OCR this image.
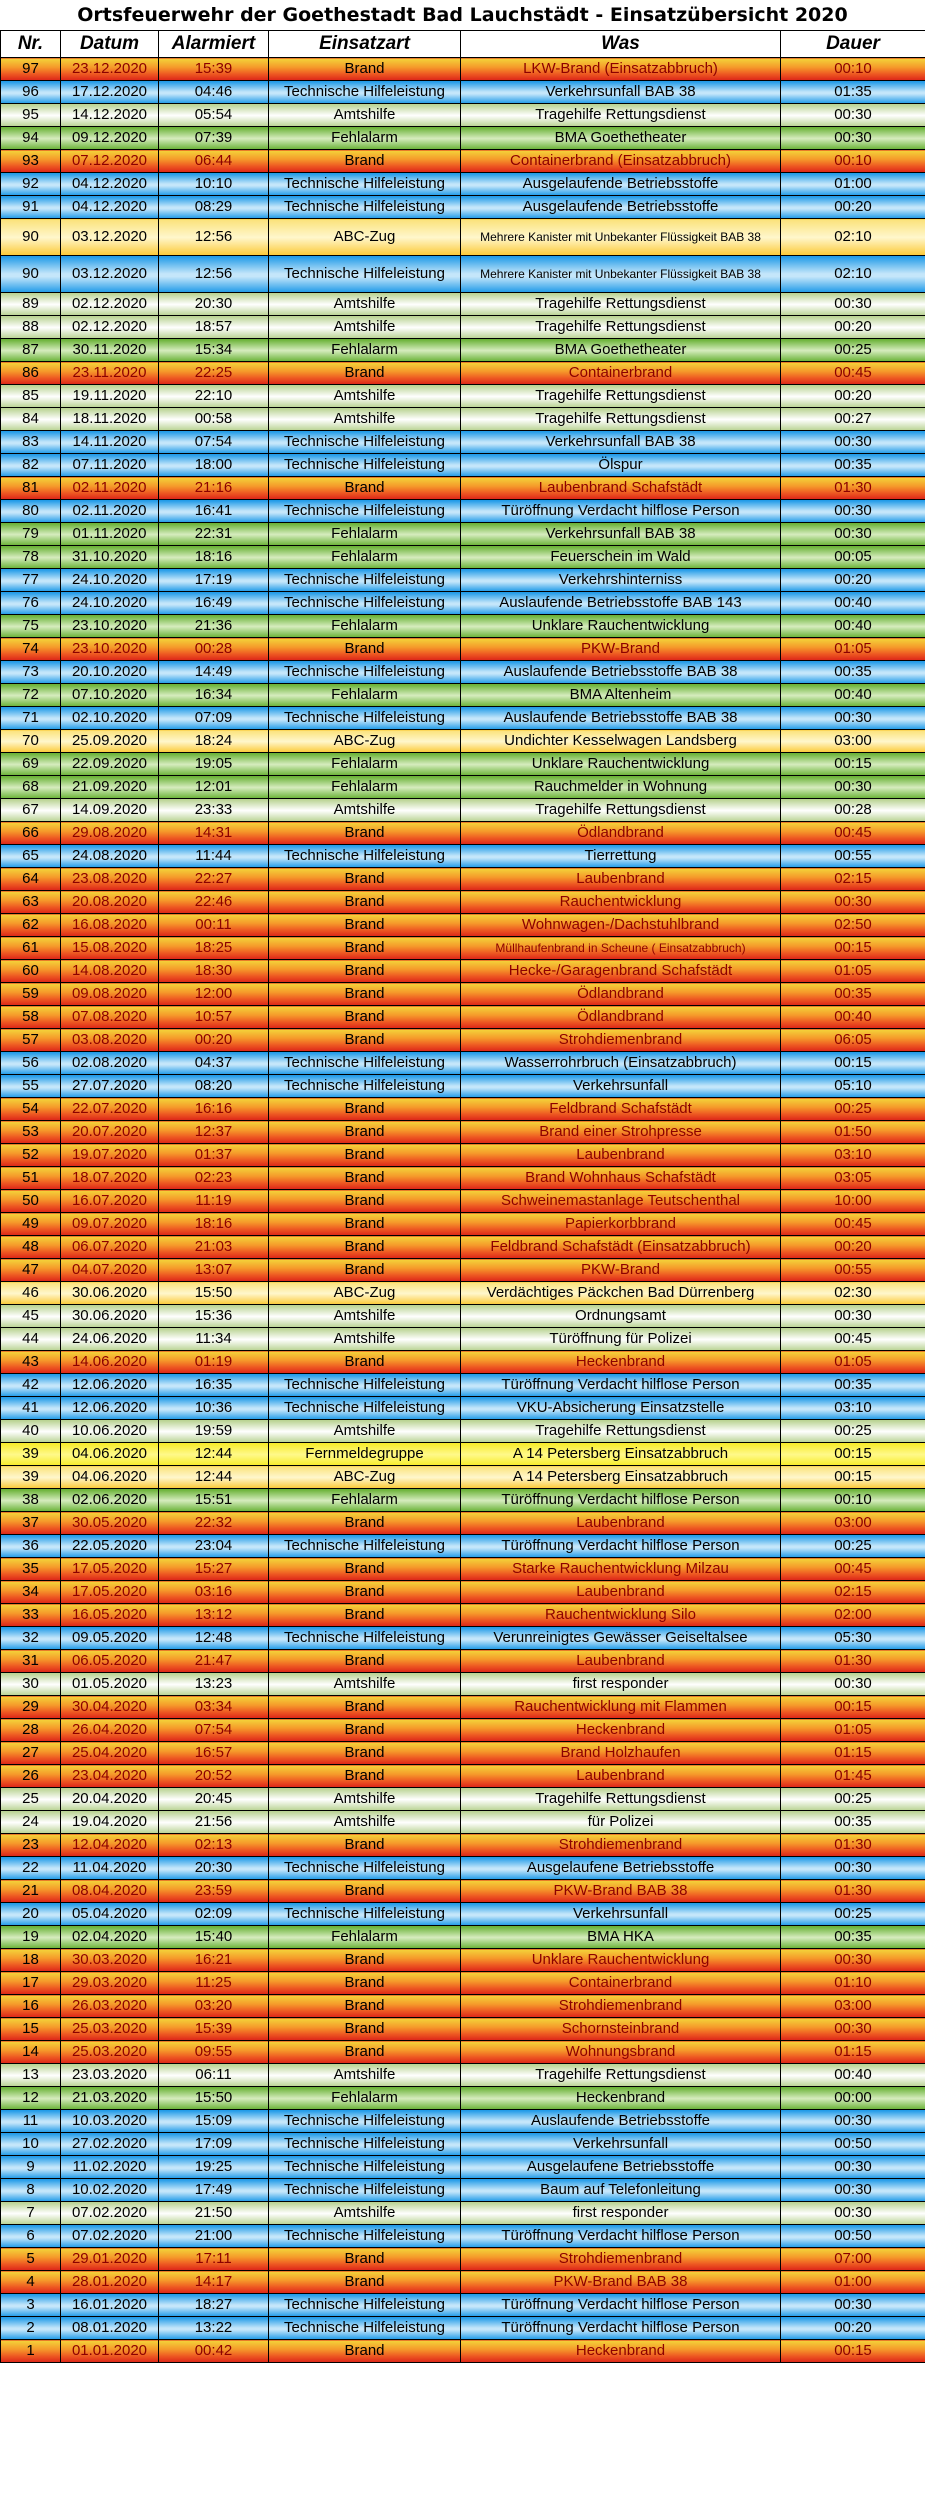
Ortsfeuerwehr der Goethestadt Bad Lauchstädt - Einsatzübersicht 2020
Nr.	Datum	Alarmiert	Einsatzart	Was	Dauer
97	23.12.2020	15:39	Brand	LKW-Brand (Einsatzabbruch)	00:10
96	17.12.2020	04:46	Technische Hilfeleistung	Verkehrsunfall BAB 38	01:35
95	14.12.2020	05:54	Amtshilfe	Tragehilfe Rettungsdienst	00:30
94	09.12.2020	07:39	Fehlalarm	BMA Goethetheater	00:30
93	07.12.2020	06:44	Brand	Containerbrand (Einsatzabbruch)	00:10
92	04.12.2020	10:10	Technische Hilfeleistung	Ausgelaufende Betriebsstoffe	01:00
91	04.12.2020	08:29	Technische Hilfeleistung	Ausgelaufende Betriebsstoffe	00:20
90	03.12.2020	12:56	ABC-Zug	Mehrere Kanister mit Unbekanter Flüssigkeit BAB 38	02:10
90	03.12.2020	12:56	Technische Hilfeleistung	Mehrere Kanister mit Unbekanter Flüssigkeit BAB 38	02:10
89	02.12.2020	20:30	Amtshilfe	Tragehilfe Rettungsdienst	00:30
88	02.12.2020	18:57	Amtshilfe	Tragehilfe Rettungsdienst	00:20
87	30.11.2020	15:34	Fehlalarm	BMA Goethetheater	00:25
86	23.11.2020	22:25	Brand	Containerbrand	00:45
85	19.11.2020	22:10	Amtshilfe	Tragehilfe Rettungsdienst	00:20
84	18.11.2020	00:58	Amtshilfe	Tragehilfe Rettungsdienst	00:27
83	14.11.2020	07:54	Technische Hilfeleistung	Verkehrsunfall BAB 38	00:30
82	07.11.2020	18:00	Technische Hilfeleistung	Ölspur	00:35
81	02.11.2020	21:16	Brand	Laubenbrand Schafstädt	01:30
80	02.11.2020	16:41	Technische Hilfeleistung	Türöffnung Verdacht hilflose Person	00:30
79	01.11.2020	22:31	Fehlalarm	Verkehrsunfall BAB 38	00:30
78	31.10.2020	18:16	Fehlalarm	Feuerschein im Wald	00:05
77	24.10.2020	17:19	Technische Hilfeleistung	Verkehrshinterniss	00:20
76	24.10.2020	16:49	Technische Hilfeleistung	Auslaufende Betriebsstoffe BAB 143	00:40
75	23.10.2020	21:36	Fehlalarm	Unklare Rauchentwicklung	00:40
74	23.10.2020	00:28	Brand	PKW-Brand	01:05
73	20.10.2020	14:49	Technische Hilfeleistung	Auslaufende Betriebsstoffe BAB 38	00:35
72	07.10.2020	16:34	Fehlalarm	BMA Altenheim	00:40
71	02.10.2020	07:09	Technische Hilfeleistung	Auslaufende Betriebsstoffe BAB 38	00:30
70	25.09.2020	18:24	ABC-Zug	Undichter Kesselwagen Landsberg	03:00
69	22.09.2020	19:05	Fehlalarm	Unklare Rauchentwicklung	00:15
68	21.09.2020	12:01	Fehlalarm	Rauchmelder in Wohnung	00:30
67	14.09.2020	23:33	Amtshilfe	Tragehilfe Rettungsdienst	00:28
66	29.08.2020	14:31	Brand	Ödlandbrand	00:45
65	24.08.2020	11:44	Technische Hilfeleistung	Tierrettung	00:55
64	23.08.2020	22:27	Brand	Laubenbrand	02:15
63	20.08.2020	22:46	Brand	Rauchentwicklung	00:30
62	16.08.2020	00:11	Brand	Wohnwagen-/Dachstuhlbrand	02:50
61	15.08.2020	18:25	Brand	Müllhaufenbrand in Scheune ( Einsatzabbruch)	00:15
60	14.08.2020	18:30	Brand	Hecke-/Garagenbrand Schafstädt	01:05
59	09.08.2020	12:00	Brand	Ödlandbrand	00:35
58	07.08.2020	10:57	Brand	Ödlandbrand	00:40
57	03.08.2020	00:20	Brand	Strohdiemenbrand	06:05
56	02.08.2020	04:37	Technische Hilfeleistung	Wasserrohrbruch (Einsatzabbruch)	00:15
55	27.07.2020	08:20	Technische Hilfeleistung	Verkehrsunfall	05:10
54	22.07.2020	16:16	Brand	Feldbrand Schafstädt	00:25
53	20.07.2020	12:37	Brand	Brand einer Strohpresse	01:50
52	19.07.2020	01:37	Brand	Laubenbrand	03:10
51	18.07.2020	02:23	Brand	Brand Wohnhaus Schafstädt	03:05
50	16.07.2020	11:19	Brand	Schweinemastanlage Teutschenthal	10:00
49	09.07.2020	18:16	Brand	Papierkorbbrand	00:45
48	06.07.2020	21:03	Brand	Feldbrand Schafstädt (Einsatzabbruch)	00:20
47	04.07.2020	13:07	Brand	PKW-Brand	00:55
46	30.06.2020	15:50	ABC-Zug	Verdächtiges Päckchen Bad Dürrenberg	02:30
45	30.06.2020	15:36	Amtshilfe	Ordnungsamt	00:30
44	24.06.2020	11:34	Amtshilfe	Türöffnung für Polizei	00:45
43	14.06.2020	01:19	Brand	Heckenbrand	01:05
42	12.06.2020	16:35	Technische Hilfeleistung	Türöffnung Verdacht hilflose Person	00:35
41	12.06.2020	10:36	Technische Hilfeleistung	VKU-Absicherung Einsatzstelle	03:10
40	10.06.2020	19:59	Amtshilfe	Tragehilfe Rettungsdienst	00:25
39	04.06.2020	12:44	Fernmeldegruppe	A 14 Petersberg Einsatzabbruch	00:15
39	04.06.2020	12:44	ABC-Zug	A 14 Petersberg Einsatzabbruch	00:15
38	02.06.2020	15:51	Fehlalarm	Türöffnung Verdacht hilflose Person	00:10
37	30.05.2020	22:32	Brand	Laubenbrand	03:00
36	22.05.2020	23:04	Technische Hilfeleistung	Türöffnung Verdacht hilflose Person	00:25
35	17.05.2020	15:27	Brand	Starke Rauchentwicklung Milzau	00:45
34	17.05.2020	03:16	Brand	Laubenbrand	02:15
33	16.05.2020	13:12	Brand	Rauchentwicklung Silo	02:00
32	09.05.2020	12:48	Technische Hilfeleistung	Verunreinigtes Gewässer Geiseltalsee	05:30
31	06.05.2020	21:47	Brand	Laubenbrand	01:30
30	01.05.2020	13:23	Amtshilfe	first responder	00:30
29	30.04.2020	03:34	Brand	Rauchentwicklung mit Flammen	00:15
28	26.04.2020	07:54	Brand	Heckenbrand	01:05
27	25.04.2020	16:57	Brand	Brand Holzhaufen	01:15
26	23.04.2020	20:52	Brand	Laubenbrand	01:45
25	20.04.2020	20:45	Amtshilfe	Tragehilfe Rettungsdienst	00:25
24	19.04.2020	21:56	Amtshilfe	für Polizei	00:35
23	12.04.2020	02:13	Brand	Strohdiemenbrand	01:30
22	11.04.2020	20:30	Technische Hilfeleistung	Ausgelaufene Betriebsstoffe	00:30
21	08.04.2020	23:59	Brand	PKW-Brand BAB 38	01:30
20	05.04.2020	02:09	Technische Hilfeleistung	Verkehrsunfall	00:25
19	02.04.2020	15:40	Fehlalarm	BMA HKA	00:35
18	30.03.2020	16:21	Brand	Unklare Rauchentwicklung	00:30
17	29.03.2020	11:25	Brand	Containerbrand	01:10
16	26.03.2020	03:20	Brand	Strohdiemenbrand	03:00
15	25.03.2020	15:39	Brand	Schornsteinbrand	00:30
14	25.03.2020	09:55	Brand	Wohnungsbrand	01:15
13	23.03.2020	06:11	Amtshilfe	Tragehilfe Rettungsdienst	00:40
12	21.03.2020	15:50	Fehlalarm	Heckenbrand	00:00
11	10.03.2020	15:09	Technische Hilfeleistung	Auslaufende Betriebsstoffe	00:30
10	27.02.2020	17:09	Technische Hilfeleistung	Verkehrsunfall	00:50
9	11.02.2020	19:25	Technische Hilfeleistung	Ausgelaufene Betriebsstoffe	00:30
8	10.02.2020	17:49	Technische Hilfeleistung	Baum auf Telefonleitung	00:30
7	07.02.2020	21:50	Amtshilfe	first responder	00:30
6	07.02.2020	21:00	Technische Hilfeleistung	Türöffnung Verdacht hilflose Person	00:50
5	29.01.2020	17:11	Brand	Strohdiemenbrand	07:00
4	28.01.2020	14:17	Brand	PKW-Brand BAB 38	01:00
3	16.01.2020	18:27	Technische Hilfeleistung	Türöffnung Verdacht hilflose Person	00:30
2	08.01.2020	13:22	Technische Hilfeleistung	Türöffnung Verdacht hilflose Person	00:20
1	01.01.2020	00:42	Brand	Heckenbrand	00:15
